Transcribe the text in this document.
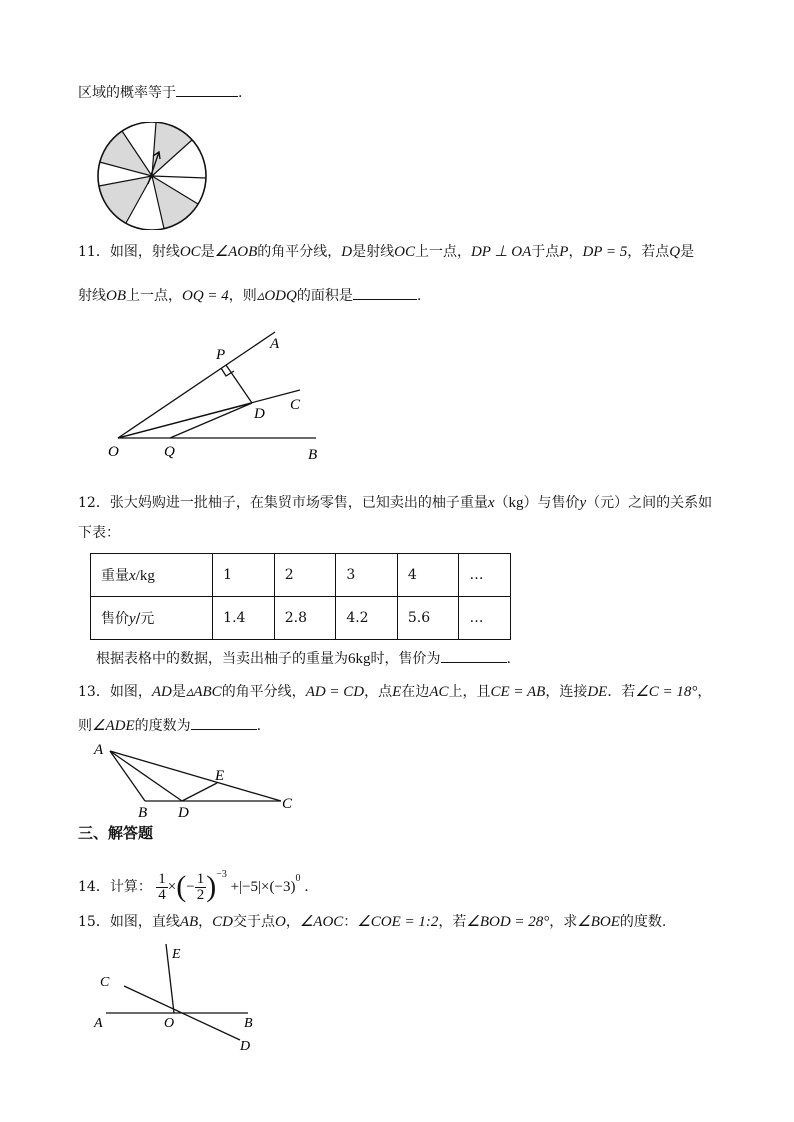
区域的概率等于	.
11．如图，射线OC是∠AOB的角平分线，D是射线OC上一点，DP ⊥ OA于点P，DP = 5，若点Q是
射线OB上一点，OQ = 4，则▵ODQ的面积是	.
P
A
D
C
O	Q	B
12．张大妈购进一批柚子，在集贸市场零售，已知卖出的柚子重量x（kg）与售价y（元）之间的关系如
下表：
重量x/kg	1	2	3	4	…
售价y/元	1.4	2.8	4.2	5.6	…
根据表格中的数据，当卖出柚子的重量为6kg时，售价为	.
13．如图，AD是▵ABC的角平分线，AD = CD，点E在边AC上，且CE = AB，连接DE．若∠C = 18°，
则∠ADE的度数为	.
A
E
B D
C
三、解答题
14．计算： $\frac{1}{4}$ ×(− $\frac{1}{2} )^{-3} +|-5|\times(-3)^0$ .
15．如图，直线AB，CD交于点O，∠AOC：∠COE = 1:2，若∠BOD = 28°，求∠BOE的度数.
E
C
A	O	B
D
